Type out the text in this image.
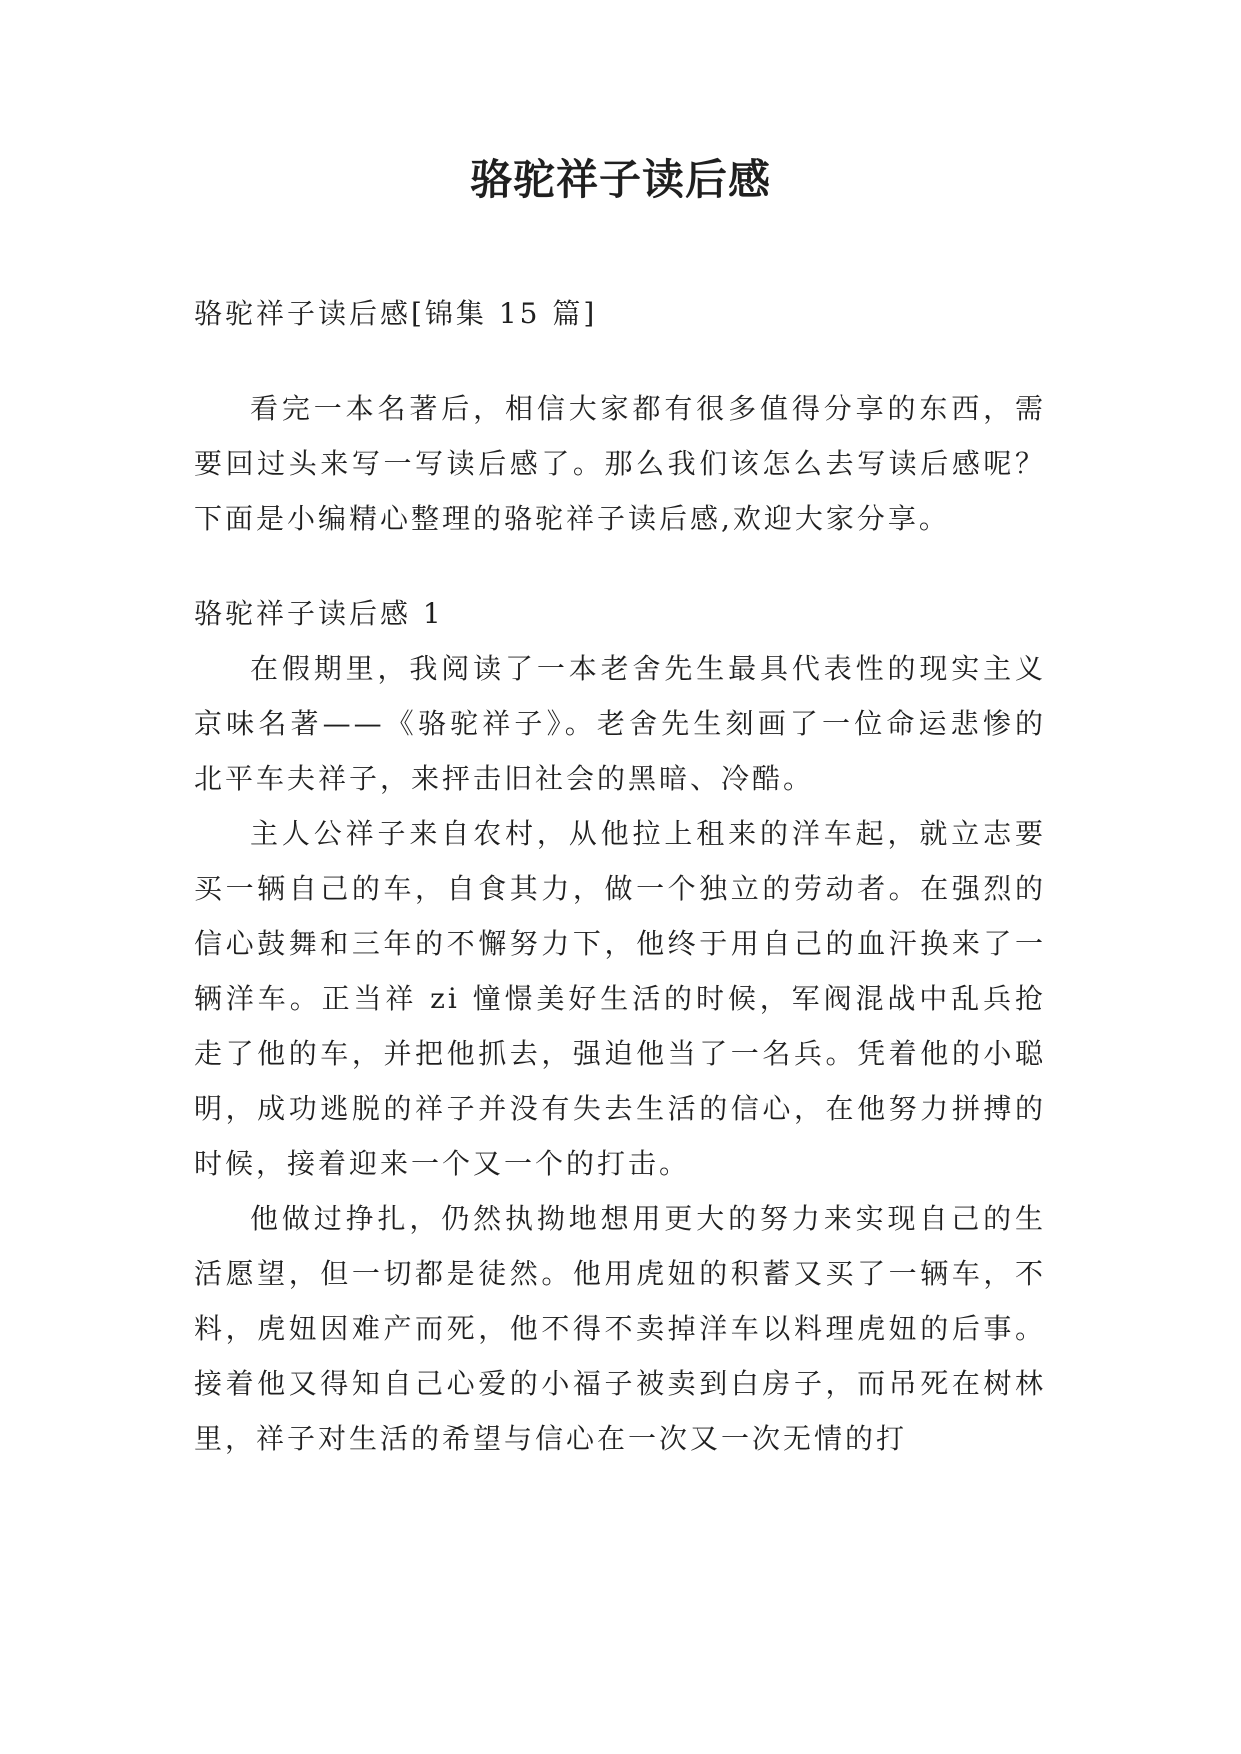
骆驼祥子读后感

骆驼祥子读后感[锦集 15 篇]

看完一本名著后，相信大家都有很多值得分享的东西，需要回过头来写一写读后感了。那么我们该怎么去写读后感呢？下面是小编精心整理的骆驼祥子读后感,欢迎大家分享。

骆驼祥子读后感 1

在假期里，我阅读了一本老舍先生最具代表性的现实主义京味名著——《骆驼祥子》。老舍先生刻画了一位命运悲惨的北平车夫祥子，来抨击旧社会的黑暗、冷酷。

主人公祥子来自农村，从他拉上租来的洋车起，就立志要买一辆自己的车，自食其力，做一个独立的劳动者。在强烈的信心鼓舞和三年的不懈努力下，他终于用自己的血汗换来了一辆洋车。正当祥 zi 憧憬美好生活的时候，军阀混战中乱兵抢走了他的车，并把他抓去，强迫他当了一名兵。凭着他的小聪明，成功逃脱的祥子并没有失去生活的信心，在他努力拼搏的时候，接着迎来一个又一个的打击。

他做过挣扎，仍然执拗地想用更大的努力来实现自己的生活愿望，但一切都是徒然。他用虎妞的积蓄又买了一辆车，不料，虎妞因难产而死，他不得不卖掉洋车以料理虎妞的后事。接着他又得知自己心爱的小福子被卖到白房子，而吊死在树林里，祥子对生活的希望与信心在一次又一次无情的打
